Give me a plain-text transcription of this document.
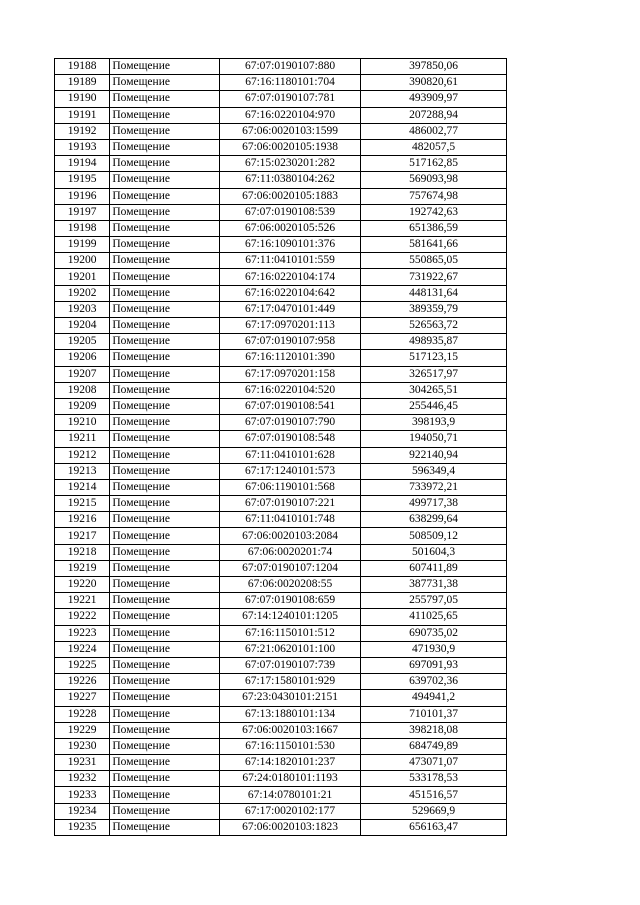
19188	Помещение	67:07:0190107:880	397850,06
19189	Помещение	67:16:1180101:704	390820,61
19190	Помещение	67:07:0190107:781	493909,97
19191	Помещение	67:16:0220104:970	207288,94
19192	Помещение	67:06:0020103:1599	486002,77
19193	Помещение	67:06:0020105:1938	482057,5
19194	Помещение	67:15:0230201:282	517162,85
19195	Помещение	67:11:0380104:262	569093,98
19196	Помещение	67:06:0020105:1883	757674,98
19197	Помещение	67:07:0190108:539	192742,63
19198	Помещение	67:06:0020105:526	651386,59
19199	Помещение	67:16:1090101:376	581641,66
19200	Помещение	67:11:0410101:559	550865,05
19201	Помещение	67:16:0220104:174	731922,67
19202	Помещение	67:16:0220104:642	448131,64
19203	Помещение	67:17:0470101:449	389359,79
19204	Помещение	67:17:0970201:113	526563,72
19205	Помещение	67:07:0190107:958	498935,87
19206	Помещение	67:16:1120101:390	517123,15
19207	Помещение	67:17:0970201:158	326517,97
19208	Помещение	67:16:0220104:520	304265,51
19209	Помещение	67:07:0190108:541	255446,45
19210	Помещение	67:07:0190107:790	398193,9
19211	Помещение	67:07:0190108:548	194050,71
19212	Помещение	67:11:0410101:628	922140,94
19213	Помещение	67:17:1240101:573	596349,4
19214	Помещение	67:06:1190101:568	733972,21
19215	Помещение	67:07:0190107:221	499717,38
19216	Помещение	67:11:0410101:748	638299,64
19217	Помещение	67:06:0020103:2084	508509,12
19218	Помещение	67:06:0020201:74	501604,3
19219	Помещение	67:07:0190107:1204	607411,89
19220	Помещение	67:06:0020208:55	387731,38
19221	Помещение	67:07:0190108:659	255797,05
19222	Помещение	67:14:1240101:1205	411025,65
19223	Помещение	67:16:1150101:512	690735,02
19224	Помещение	67:21:0620101:100	471930,9
19225	Помещение	67:07:0190107:739	697091,93
19226	Помещение	67:17:1580101:929	639702,36
19227	Помещение	67:23:0430101:2151	494941,2
19228	Помещение	67:13:1880101:134	710101,37
19229	Помещение	67:06:0020103:1667	398218,08
19230	Помещение	67:16:1150101:530	684749,89
19231	Помещение	67:14:1820101:237	473071,07
19232	Помещение	67:24:0180101:1193	533178,53
19233	Помещение	67:14:0780101:21	451516,57
19234	Помещение	67:17:0020102:177	529669,9
19235	Помещение	67:06:0020103:1823	656163,47
